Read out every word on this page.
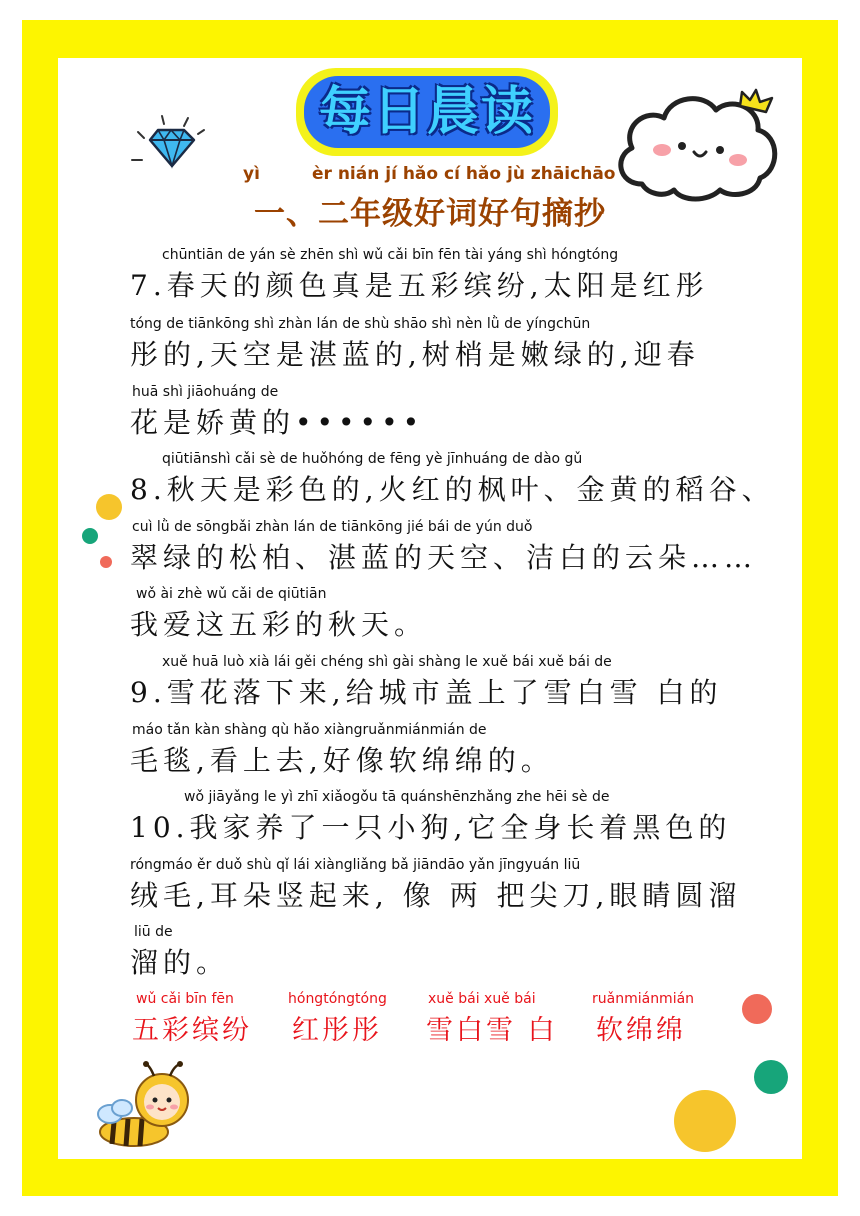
每日晨读
yì	èr nián jí hǎo cí hǎo jù zhāichāo
一、二年级好词好句摘抄
chūntiān de yán sè zhēn shì wǔ cǎi bīn fēn tài yáng shì hóngtóng
7.春天的颜色真是五彩缤纷,太阳是红彤
tóng de tiānkōng shì zhàn lán de shù shāo shì nèn lǜ de yíngchūn
彤的,天空是湛蓝的,树梢是嫩绿的,迎春
huā shì jiāohuáng de
花是娇黄的••••••
qiūtiānshì cǎi sè de huǒhóng de fēng yè jīnhuáng de dào gǔ
8.秋天是彩色的,火红的枫叶、金黄的稻谷、
cuì lǜ de sōngbǎi zhàn lán de tiānkōng jié bái de yún duǒ
翠绿的松柏、湛蓝的天空、洁白的云朵……
wǒ ài zhè wǔ cǎi de qiūtiān
我爱这五彩的秋天。
xuě huā luò xià lái gěi chéng shì gài shàng le xuě bái xuě bái de
9.雪花落下来,给城市盖上了雪白雪 白的
máo tǎn kàn shàng qù hǎo xiàngruǎnmiánmián de
毛毯,看上去,好像软绵绵的。
wǒ jiāyǎng le yì zhī xiǎogǒu tā quánshēnzhǎng zhe hēi sè de
10.我家养了一只小狗,它全身长着黑色的
róngmáo ěr duǒ shù qǐ lái xiàngliǎng bǎ jiāndāo yǎn jīngyuán liū
绒毛,耳朵竖起来, 像 两 把尖刀,眼睛圆溜
liū de
溜的。
wǔ cǎi bīn fēn
五彩缤纷
hóngtóngtóng
红彤彤
xuě bái xuě bái
雪白雪 白
ruǎnmiánmián
软绵绵
